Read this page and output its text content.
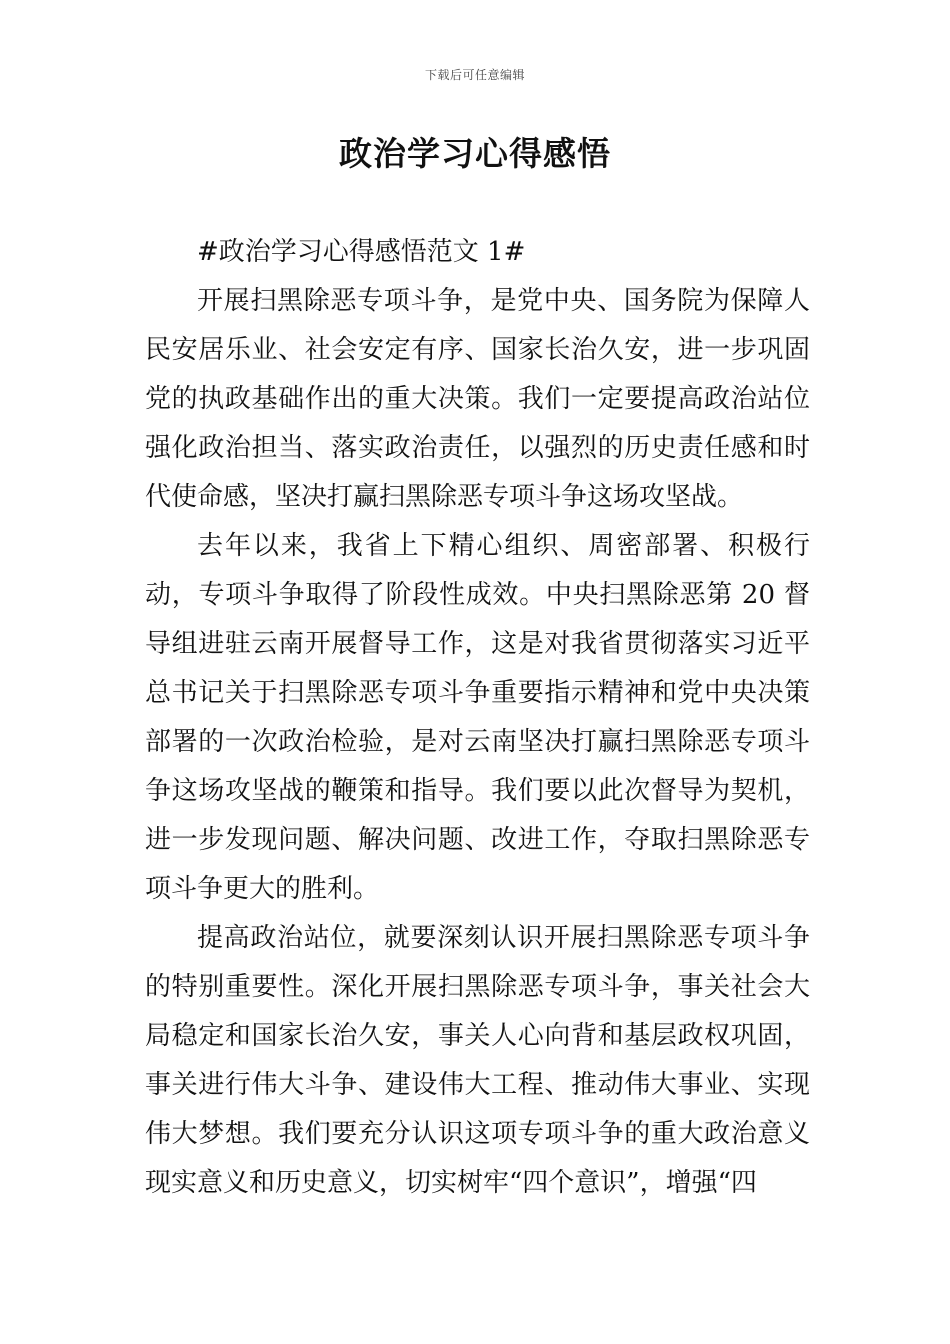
下载后可任意编辑
政治学习心得感悟

#政治学习心得感悟范文 1#

开展扫黑除恶专项斗争，是党中央、国务院为保障人民安居乐业、社会安定有序、国家长治久安，进一步巩固党的执政基础作出的重大决策。我们一定要提高政治站位强化政治担当、落实政治责任，以强烈的历史责任感和时代使命感，坚决打赢扫黑除恶专项斗争这场攻坚战。

去年以来，我省上下精心组织、周密部署、积极行动，专项斗争取得了阶段性成效。中央扫黑除恶第 20 督导组进驻云南开展督导工作，这是对我省贯彻落实习近平总书记关于扫黑除恶专项斗争重要指示精神和党中央决策部署的一次政治检验，是对云南坚决打赢扫黑除恶专项斗争这场攻坚战的鞭策和指导。我们要以此次督导为契机，进一步发现问题、解决问题、改进工作，夺取扫黑除恶专项斗争更大的胜利。

提高政治站位，就要深刻认识开展扫黑除恶专项斗争的特别重要性。深化开展扫黑除恶专项斗争，事关社会大局稳定和国家长治久安，事关人心向背和基层政权巩固，事关进行伟大斗争、建设伟大工程、推动伟大事业、实现伟大梦想。我们要充分认识这项专项斗争的重大政治意义现实意义和历史意义，切实树牢“四个意识”，增强“四
